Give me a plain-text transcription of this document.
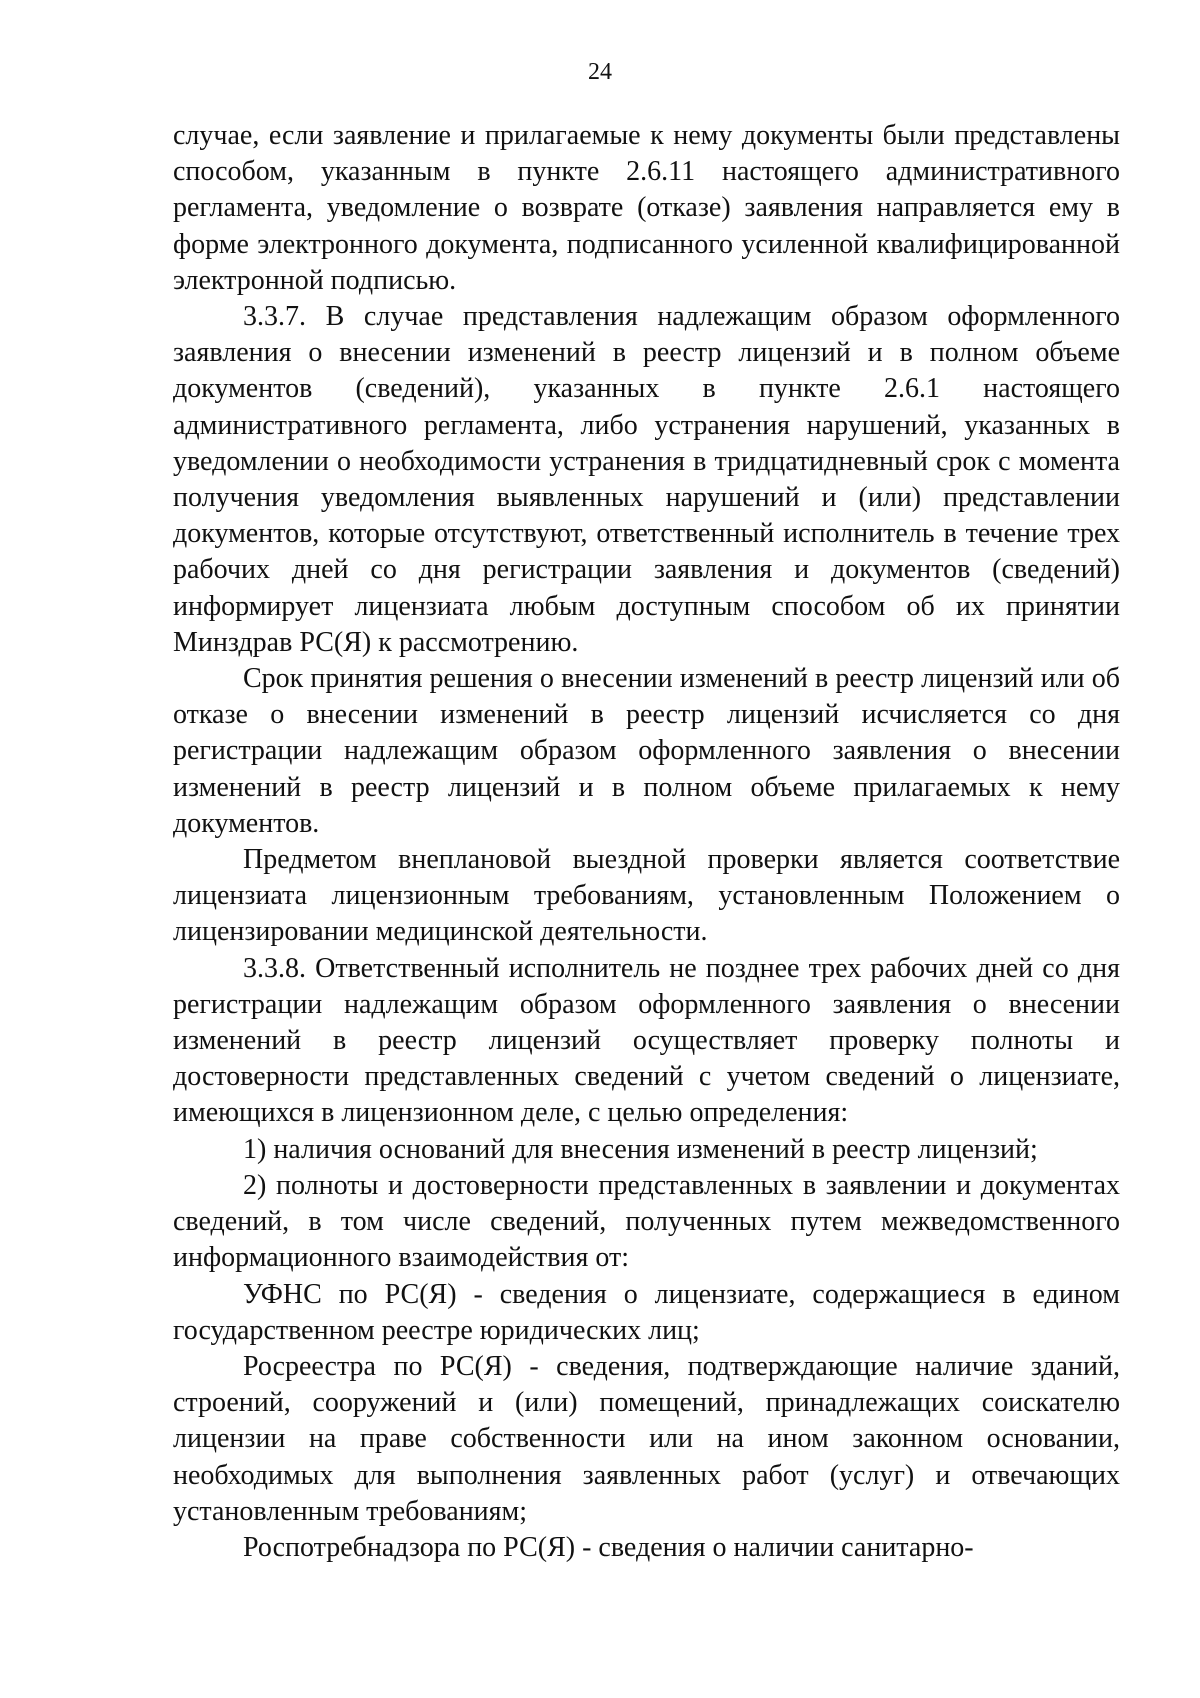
24

случае, если заявление и прилагаемые к нему документы были представлены способом, указанным в пункте 2.6.11 настоящего административного регламента, уведомление о возврате (отказе) заявления направляется ему в форме электронного документа, подписанного усиленной квалифицированной электронной подписью.

3.3.7. В случае представления надлежащим образом оформленного заявления о внесении изменений в реестр лицензий и в полном объеме документов (сведений), указанных в пункте 2.6.1 настоящего административного регламента, либо устранения нарушений, указанных в уведомлении о необходимости устранения в тридцатидневный срок с момента получения уведомления выявленных нарушений и (или) представлении документов, которые отсутствуют, ответственный исполнитель в течение трех рабочих дней со дня регистрации заявления и документов (сведений) информирует лицензиата любым доступным способом об их принятии Минздрав РС(Я) к рассмотрению.

Срок принятия решения о внесении изменений в реестр лицензий или об отказе о внесении изменений в реестр лицензий исчисляется со дня регистрации надлежащим образом оформленного заявления о внесении изменений в реестр лицензий и в полном объеме прилагаемых к нему документов.

Предметом внеплановой выездной проверки является соответствие лицензиата лицензионным требованиям, установленным Положением о лицензировании медицинской деятельности.

3.3.8. Ответственный исполнитель не позднее трех рабочих дней со дня регистрации надлежащим образом оформленного заявления о внесении изменений в реестр лицензий осуществляет проверку полноты и достоверности представленных сведений с учетом сведений о лицензиате, имеющихся в лицензионном деле, с целью определения:

1) наличия оснований для внесения изменений в реестр лицензий;

2) полноты и достоверности представленных в заявлении и документах сведений, в том числе сведений, полученных путем межведомственного информационного взаимодействия от:

УФНС по РС(Я) - сведения о лицензиате, содержащиеся в едином государственном реестре юридических лиц;

Росреестра по РС(Я) - сведения, подтверждающие наличие зданий, строений, сооружений и (или) помещений, принадлежащих соискателю лицензии на праве собственности или на ином законном основании, необходимых для выполнения заявленных работ (услуг) и отвечающих установленным требованиям;

Роспотребнадзора по РС(Я) - сведения о наличии санитарно-
